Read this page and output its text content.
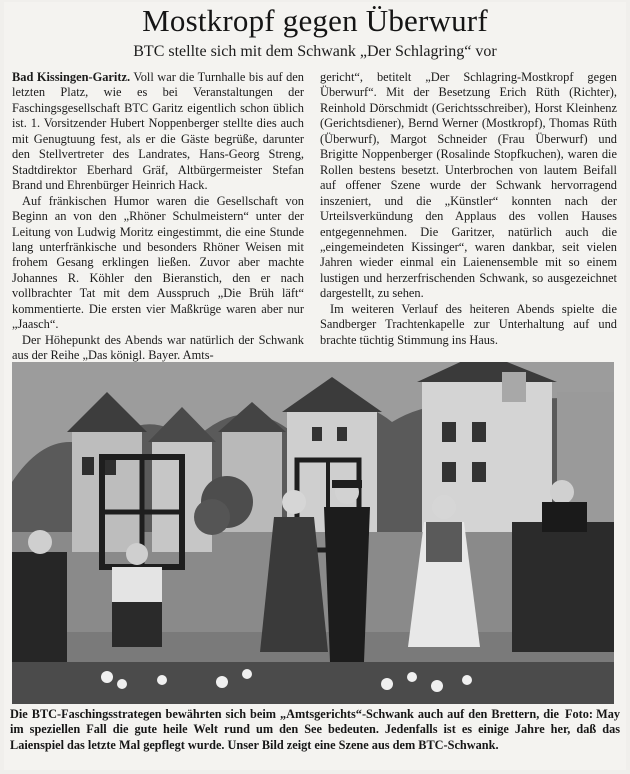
Mostkropf gegen Überwurf
BTC stellte sich mit dem Schwank „Der Schlagring“ vor

Bad Kissingen-Garitz. Voll war die Turnhalle bis auf den letzten Platz, wie es bei Veranstaltungen der Faschingsgesellschaft BTC Garitz eigentlich schon üblich ist. 1. Vorsitzender Hubert Noppenberger stellte dies auch mit Genugtuung fest, als er die Gäste begrüße, darunter den Stellvertreter des Landrates, Hans-Georg Streng, Stadtdirektor Eberhard Gräf, Altbürgermeister Stefan Brand und Ehrenbürger Heinrich Hack.

Auf fränkischen Humor waren die Gesellschaft von Beginn an von den „Rhöner Schulmeistern“ unter der Leitung von Ludwig Moritz eingestimmt, die eine Stunde lang unterfränkische und besonders Rhöner Weisen mit frohem Gesang erklingen ließen. Zuvor aber machte Johannes R. Köhler den Bieranstich, den er nach vollbrachter Tat mit dem Ausspruch „Die Brüh läft“ kommentierte. Die ersten vier Maßkrüge waren aber nur „Jaasch“.

Der Höhepunkt des Abends war natürlich der Schwank aus der Reihe „Das königl. Bayer. Amts-

gericht“, betitelt „Der Schlagring-Mostkropf gegen Überwurf“. Mit der Besetzung Erich Rüth (Richter), Reinhold Dörschmidt (Gerichtsschreiber), Horst Kleinhenz (Gerichtsdiener), Bernd Werner (Mostkropf), Thomas Rüth (Überwurf), Margot Schneider (Frau Überwurf) und Brigitte Noppenberger (Rosalinde Stopfkuchen), waren die Rollen bestens besetzt. Unterbrochen von lautem Beifall auf offener Szene wurde der Schwank hervorragend inszeniert, und die „Künstler“ konnten nach der Urteilsverkündung den Applaus des vollen Hauses entgegennehmen. Die Garitzer, natürlich auch die „eingemeindeten Kissinger“, waren dankbar, seit vielen Jahren wieder einmal ein Laienensemble mit so einem lustigen und herzerfrischenden Schwank, so ausgezeichnet dargestellt, zu sehen.

Im weiteren Verlauf des heiteren Abends spielte die Sandberger Trachtenkapelle zur Unterhaltung auf und brachte tüchtig Stimmung ins Haus.

Foto: May
Die BTC-Faschingsstrategen bewährten sich beim „Amtsgerichts“-Schwank auch auf den Brettern, die im speziellen Fall die gute heile Welt rund um den See bedeuten. Jedenfalls ist es einige Jahre her, daß das Laienspiel das letzte Mal gepflegt wurde. Unser Bild zeigt eine Szene aus dem BTC-Schwank.
